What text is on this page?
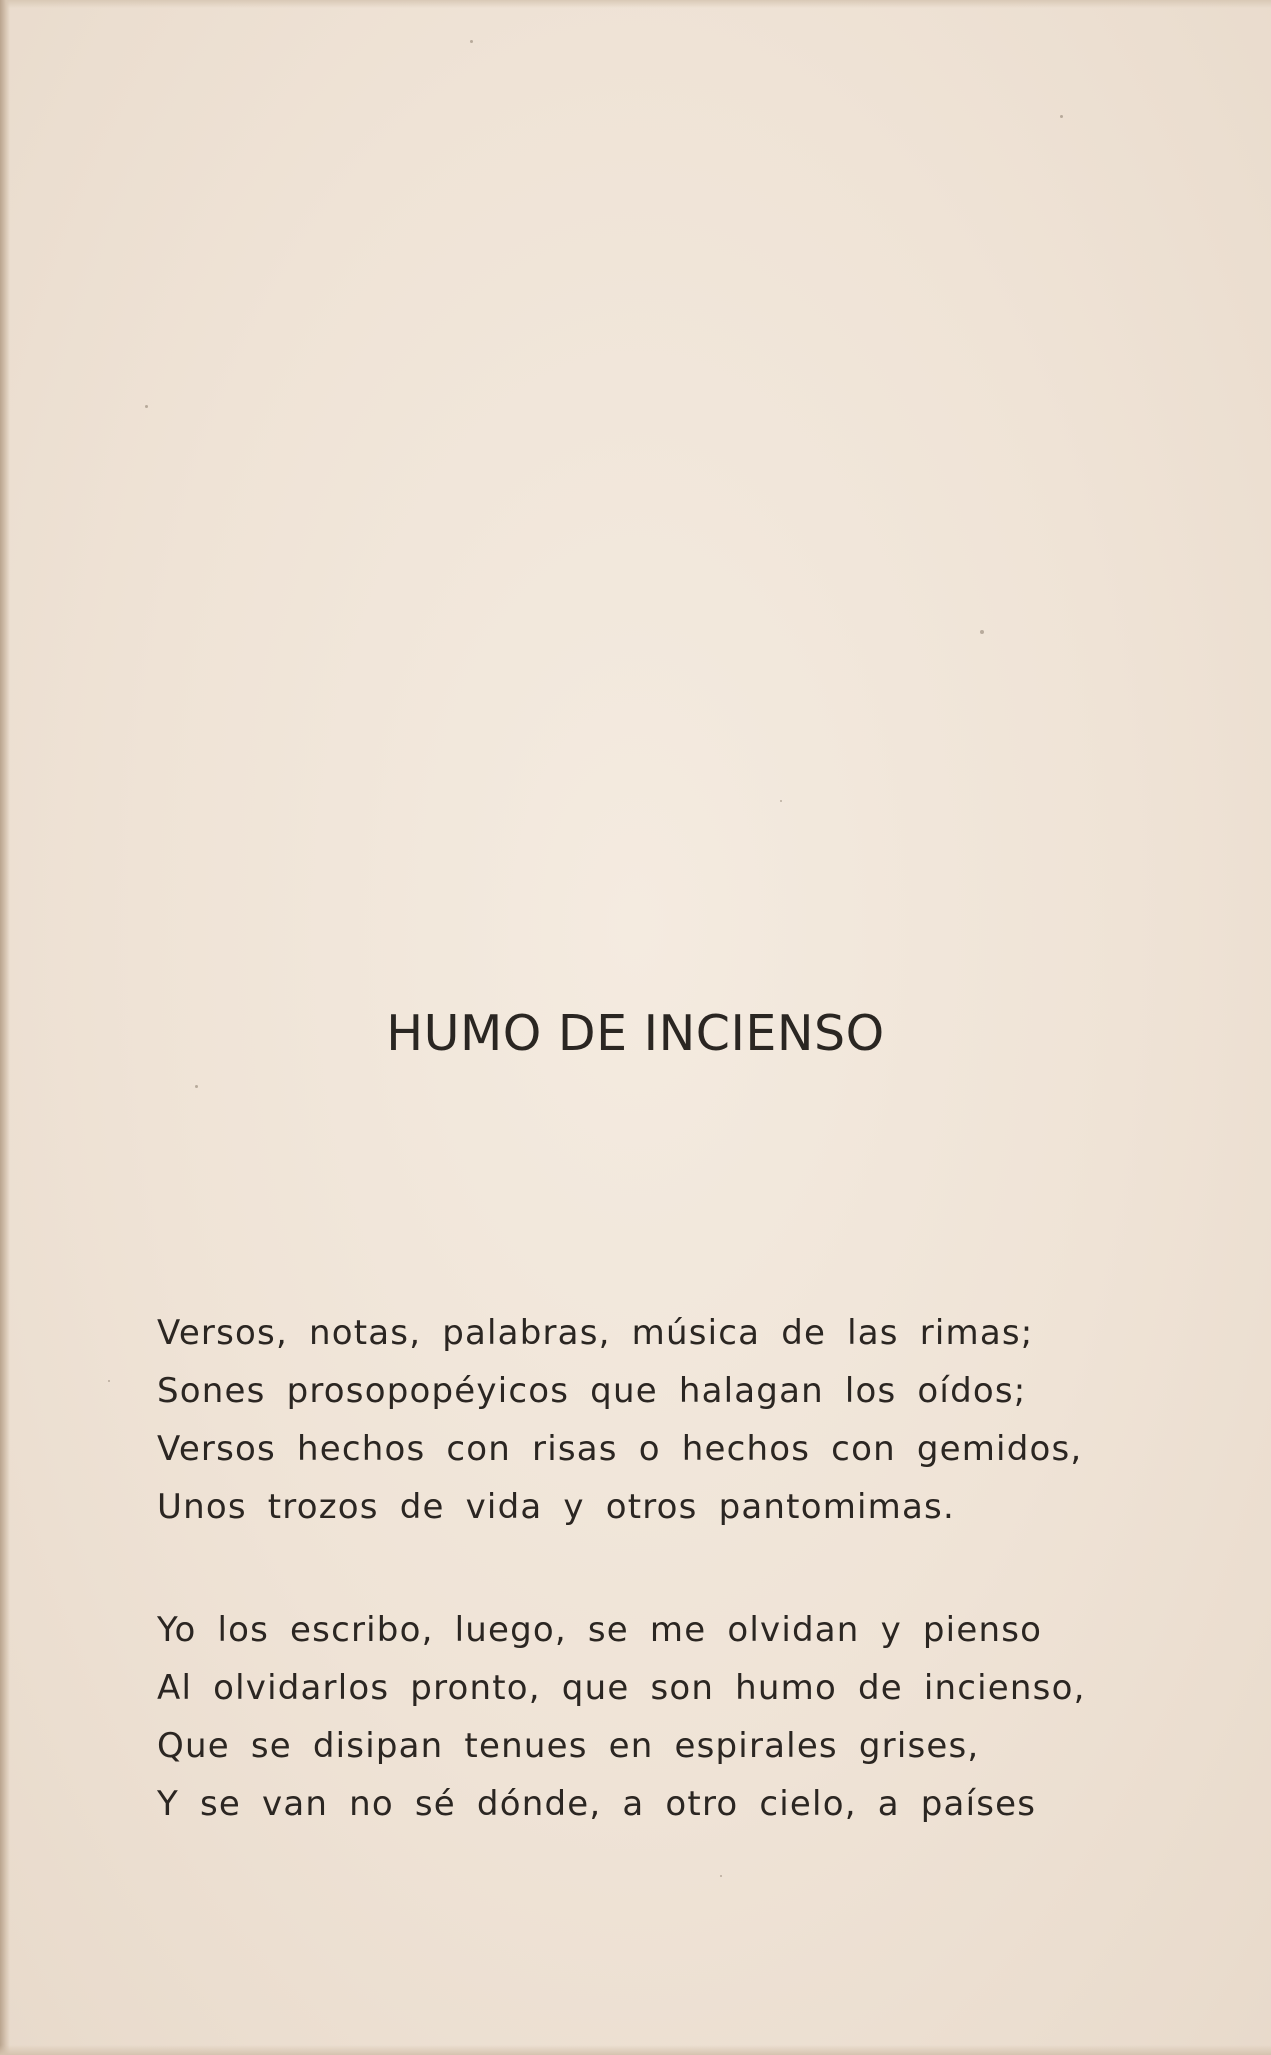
HUMO DE INCIENSO
Versos, notas, palabras, música de las rimas;
Sones prosopopéyicos que halagan los oídos;
Versos hechos con risas o hechos con gemidos,
Unos trozos de vida y otros pantomimas.
Yo los escribo, luego, se me olvidan y pienso
Al olvidarlos pronto, que son humo de incienso,
Que se disipan tenues en espirales grises,
Y se van no sé dónde, a otro cielo, a países
